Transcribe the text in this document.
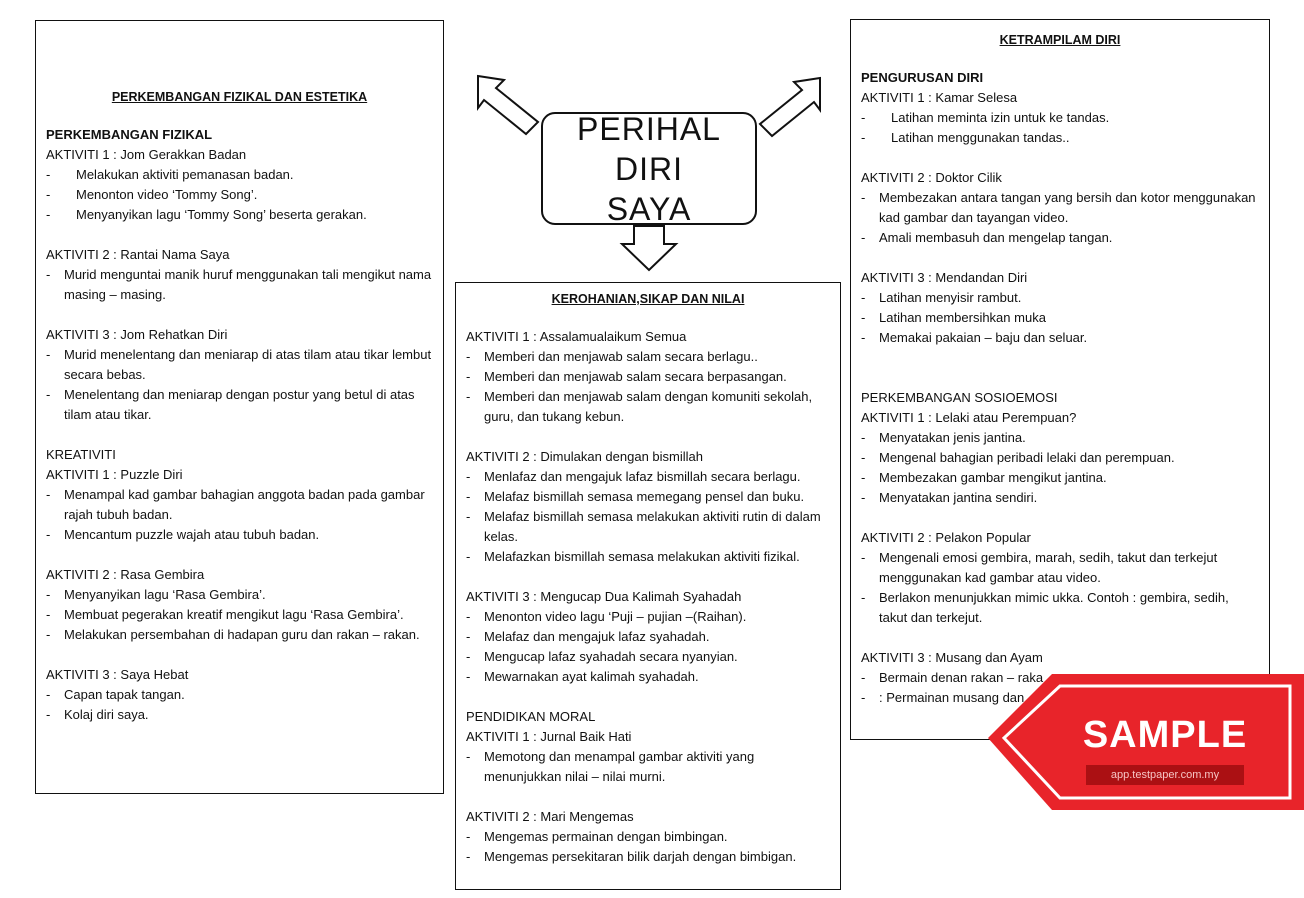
PERKEMBANGAN FIZIKAL DAN ESTETIKA
PERKEMBANGAN FIZIKAL
AKTIVITI 1 : Jom Gerakkan Badan
- Melakukan aktiviti pemanasan badan.
- Menonton video ‘Tommy Song’.
- Menyanyikan lagu ‘Tommy Song’ beserta gerakan.
AKTIVITI 2 : Rantai Nama Saya
- Murid menguntai manik huruf menggunakan tali mengikut nama masing – masing.
AKTIVITI 3 : Jom Rehatkan Diri
- Murid menelentang dan meniarap di atas tilam atau tikar lembut secara bebas.
- Menelentang dan meniarap dengan postur yang betul di atas tilam atau tikar.
KREATIVITI
AKTIVITI 1 : Puzzle Diri
- Menampal kad gambar bahagian anggota badan pada gambar rajah tubuh badan.
- Mencantum puzzle wajah atau tubuh badan.
AKTIVITI 2 : Rasa Gembira
- Menyanyikan lagu ‘Rasa Gembira’.
- Membuat pegerakan kreatif mengikut lagu ‘Rasa Gembira’.
- Melakukan persembahan di hadapan guru dan rakan – rakan.
AKTIVITI 3 : Saya Hebat
- Capan tapak tangan.
- Kolaj diri saya.
KEROHANIAN,SIKAP DAN NILAI
AKTIVITI 1 : Assalamualaikum Semua
- Memberi dan menjawab salam secara berlagu..
- Memberi dan menjawab salam secara berpasangan.
- Memberi dan menjawab salam dengan komuniti sekolah, guru, dan tukang kebun.
AKTIVITI 2 : Dimulakan dengan bismillah
- Menlafaz dan mengajuk lafaz bismillah secara berlagu.
- Melafaz bismillah semasa memegang pensel dan buku.
- Melafaz bismillah semasa melakukan aktiviti rutin di dalam kelas.
- Melafazkan bismillah semasa melakukan aktiviti fizikal.
AKTIVITI 3 : Mengucap Dua Kalimah Syahadah
- Menonton video lagu ‘Puji – pujian –(Raihan).
- Melafaz dan mengajuk lafaz syahadah.
- Mengucap lafaz syahadah secara nyanyian.
- Mewarnakan ayat kalimah syahadah.
PENDIDIKAN MORAL
AKTIVITI 1 : Jurnal Baik Hati
- Memotong dan menampal gambar aktiviti yang menunjukkan nilai – nilai murni.
AKTIVITI 2 : Mari Mengemas
- Mengemas permainan dengan bimbingan.
- Mengemas persekitaran bilik darjah dengan bimbigan.
KETRAMPILAM DIRI
PENGURUSAN DIRI
AKTIVITI 1 : Kamar Selesa
- Latihan meminta izin untuk ke tandas.
- Latihan menggunakan tandas..
AKTIVITI 2 : Doktor Cilik
- Membezakan antara tangan yang bersih dan kotor menggunakan kad gambar dan tayangan video.
- Amali membasuh dan mengelap tangan.
AKTIVITI 3 : Mendandan Diri
- Latihan menyisir rambut.
- Latihan membersihkan muka
- Memakai pakaian – baju dan seluar.
PERKEMBANGAN SOSIOEMOSI
AKTIVITI 1 : Lelaki atau Perempuan?
- Menyatakan jenis jantina.
- Mengenal bahagian peribadi lelaki dan perempuan.
- Membezakan gambar mengikut jantina.
- Menyatakan jantina sendiri.
AKTIVITI 2 : Pelakon Popular
- Mengenali emosi gembira, marah, sedih, takut dan terkejut menggunakan kad gambar atau video.
- Berlakon menunjukkan mimic ukka. Contoh : gembira, sedih, takut dan terkejut.
AKTIVITI 3 : Musang dan Ayam
- Bermain denan rakan – raka
- : Permainan musang dan
PERIHAL DIRI
SAYA
SAMPLE
app.testpaper.com.my
